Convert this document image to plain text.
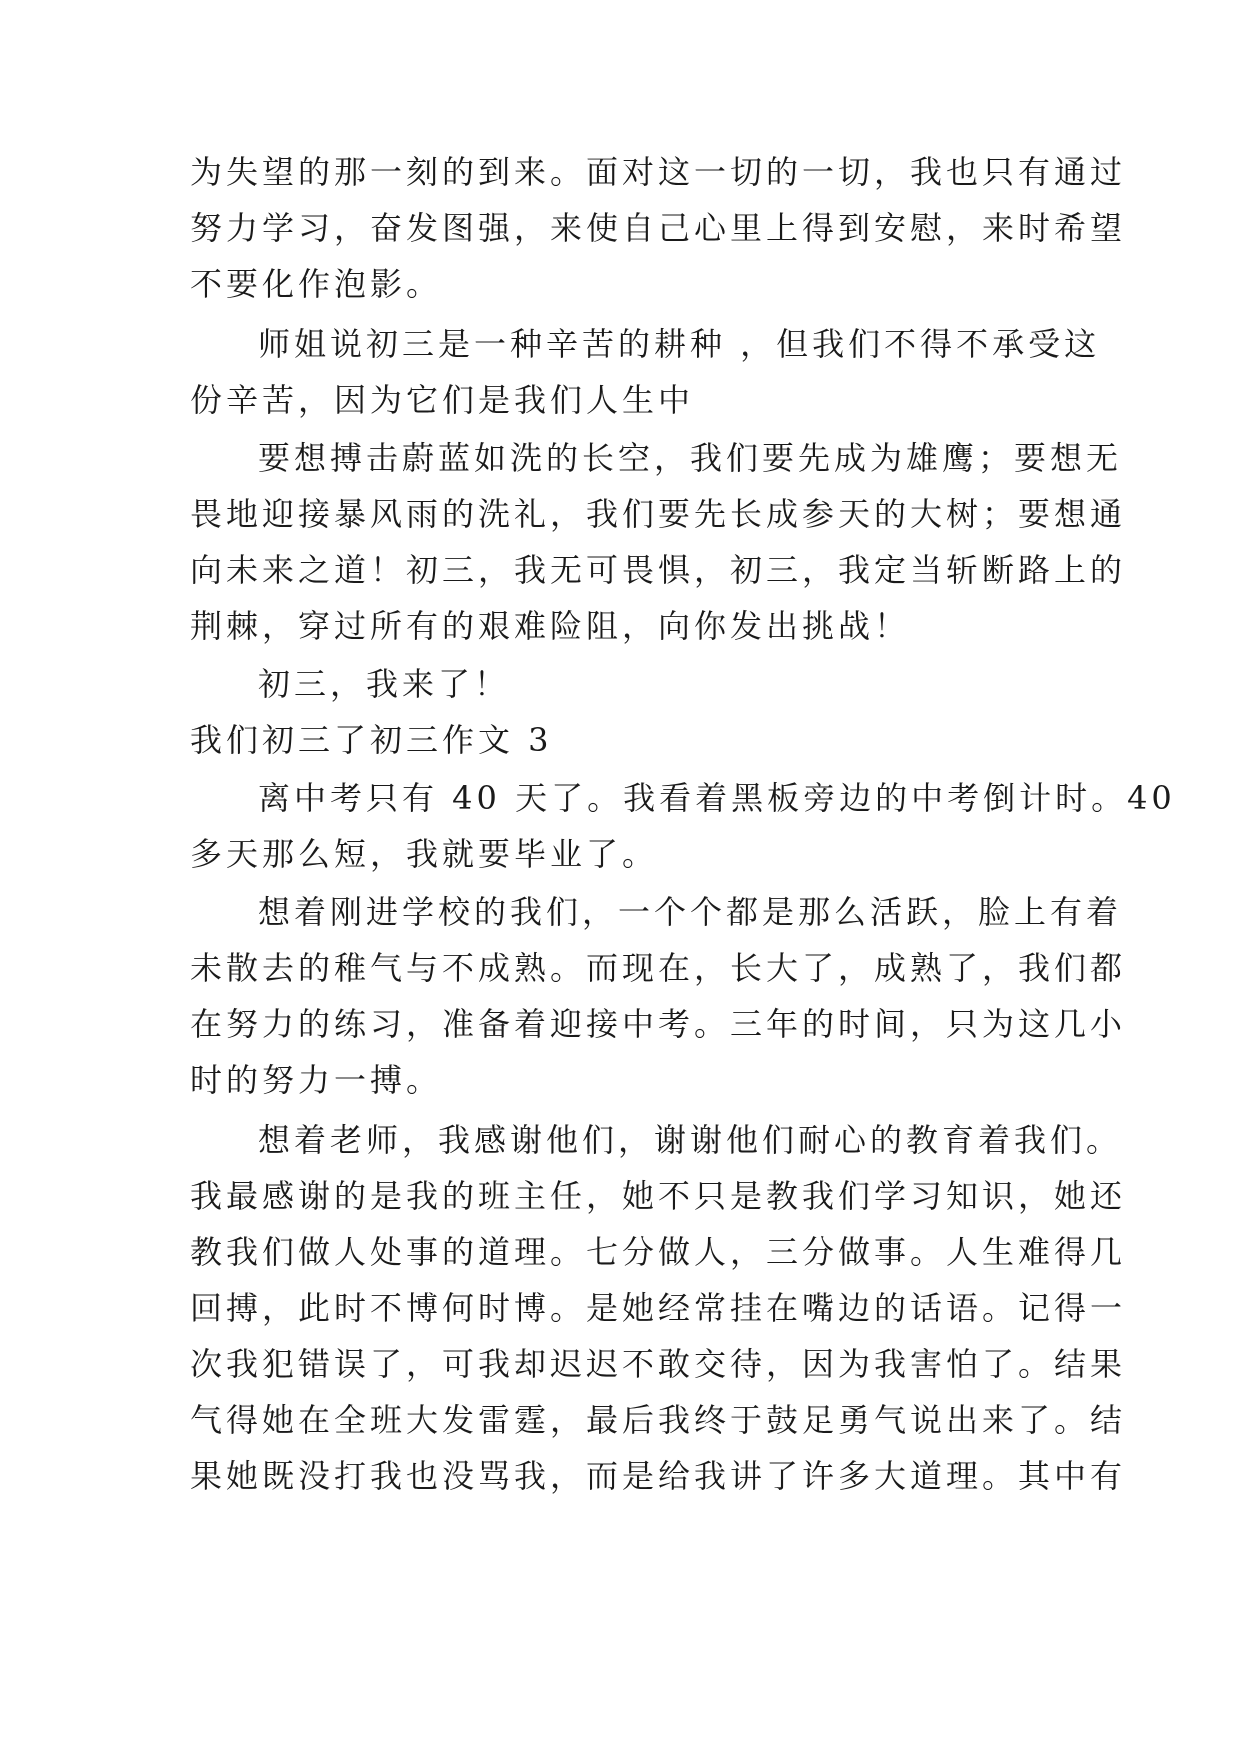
为失望的那一刻的到来。面对这一切的一切，我也只有通过
努力学习，奋发图强，来使自己心里上得到安慰，来时希望
不要化作泡影。
师姐说初三是一种辛苦的耕种 ，但我们不得不承受这
份辛苦，因为它们是我们人生中
要想搏击蔚蓝如洗的长空，我们要先成为雄鹰；要想无
畏地迎接暴风雨的洗礼，我们要先长成参天的大树；要想通
向未来之道！初三，我无可畏惧，初三，我定当斩断路上的
荆棘，穿过所有的艰难险阻，向你发出挑战！
初三，我来了！
我们初三了初三作文 3
离中考只有 40 天了。我看着黑板旁边的中考倒计时。40
多天那么短，我就要毕业了。
想着刚进学校的我们，一个个都是那么活跃，脸上有着
未散去的稚气与不成熟。而现在，长大了，成熟了，我们都
在努力的练习，准备着迎接中考。三年的时间，只为这几小
时的努力一搏。
想着老师，我感谢他们，谢谢他们耐心的教育着我们。
我最感谢的是我的班主任，她不只是教我们学习知识，她还
教我们做人处事的道理。七分做人，三分做事。人生难得几
回搏，此时不博何时博。是她经常挂在嘴边的话语。记得一
次我犯错误了，可我却迟迟不敢交待，因为我害怕了。结果
气得她在全班大发雷霆，最后我终于鼓足勇气说出来了。结
果她既没打我也没骂我，而是给我讲了许多大道理。其中有
